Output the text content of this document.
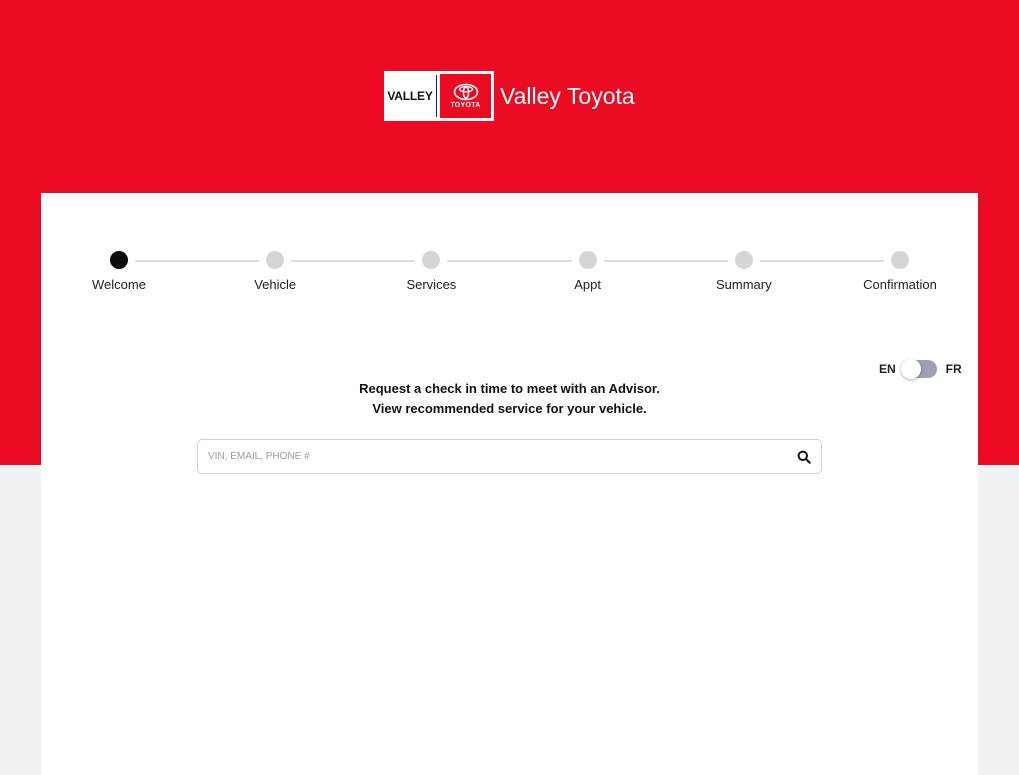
VALLEY
TOYOTA Valley Toyota
Welcome	Vehicle	Services	Appt	Summary	Confirmation
EN	FR
Request a check in time to meet with an Advisor.
View recommended service for your vehicle.
VIN, EMAIL, PHONE #
